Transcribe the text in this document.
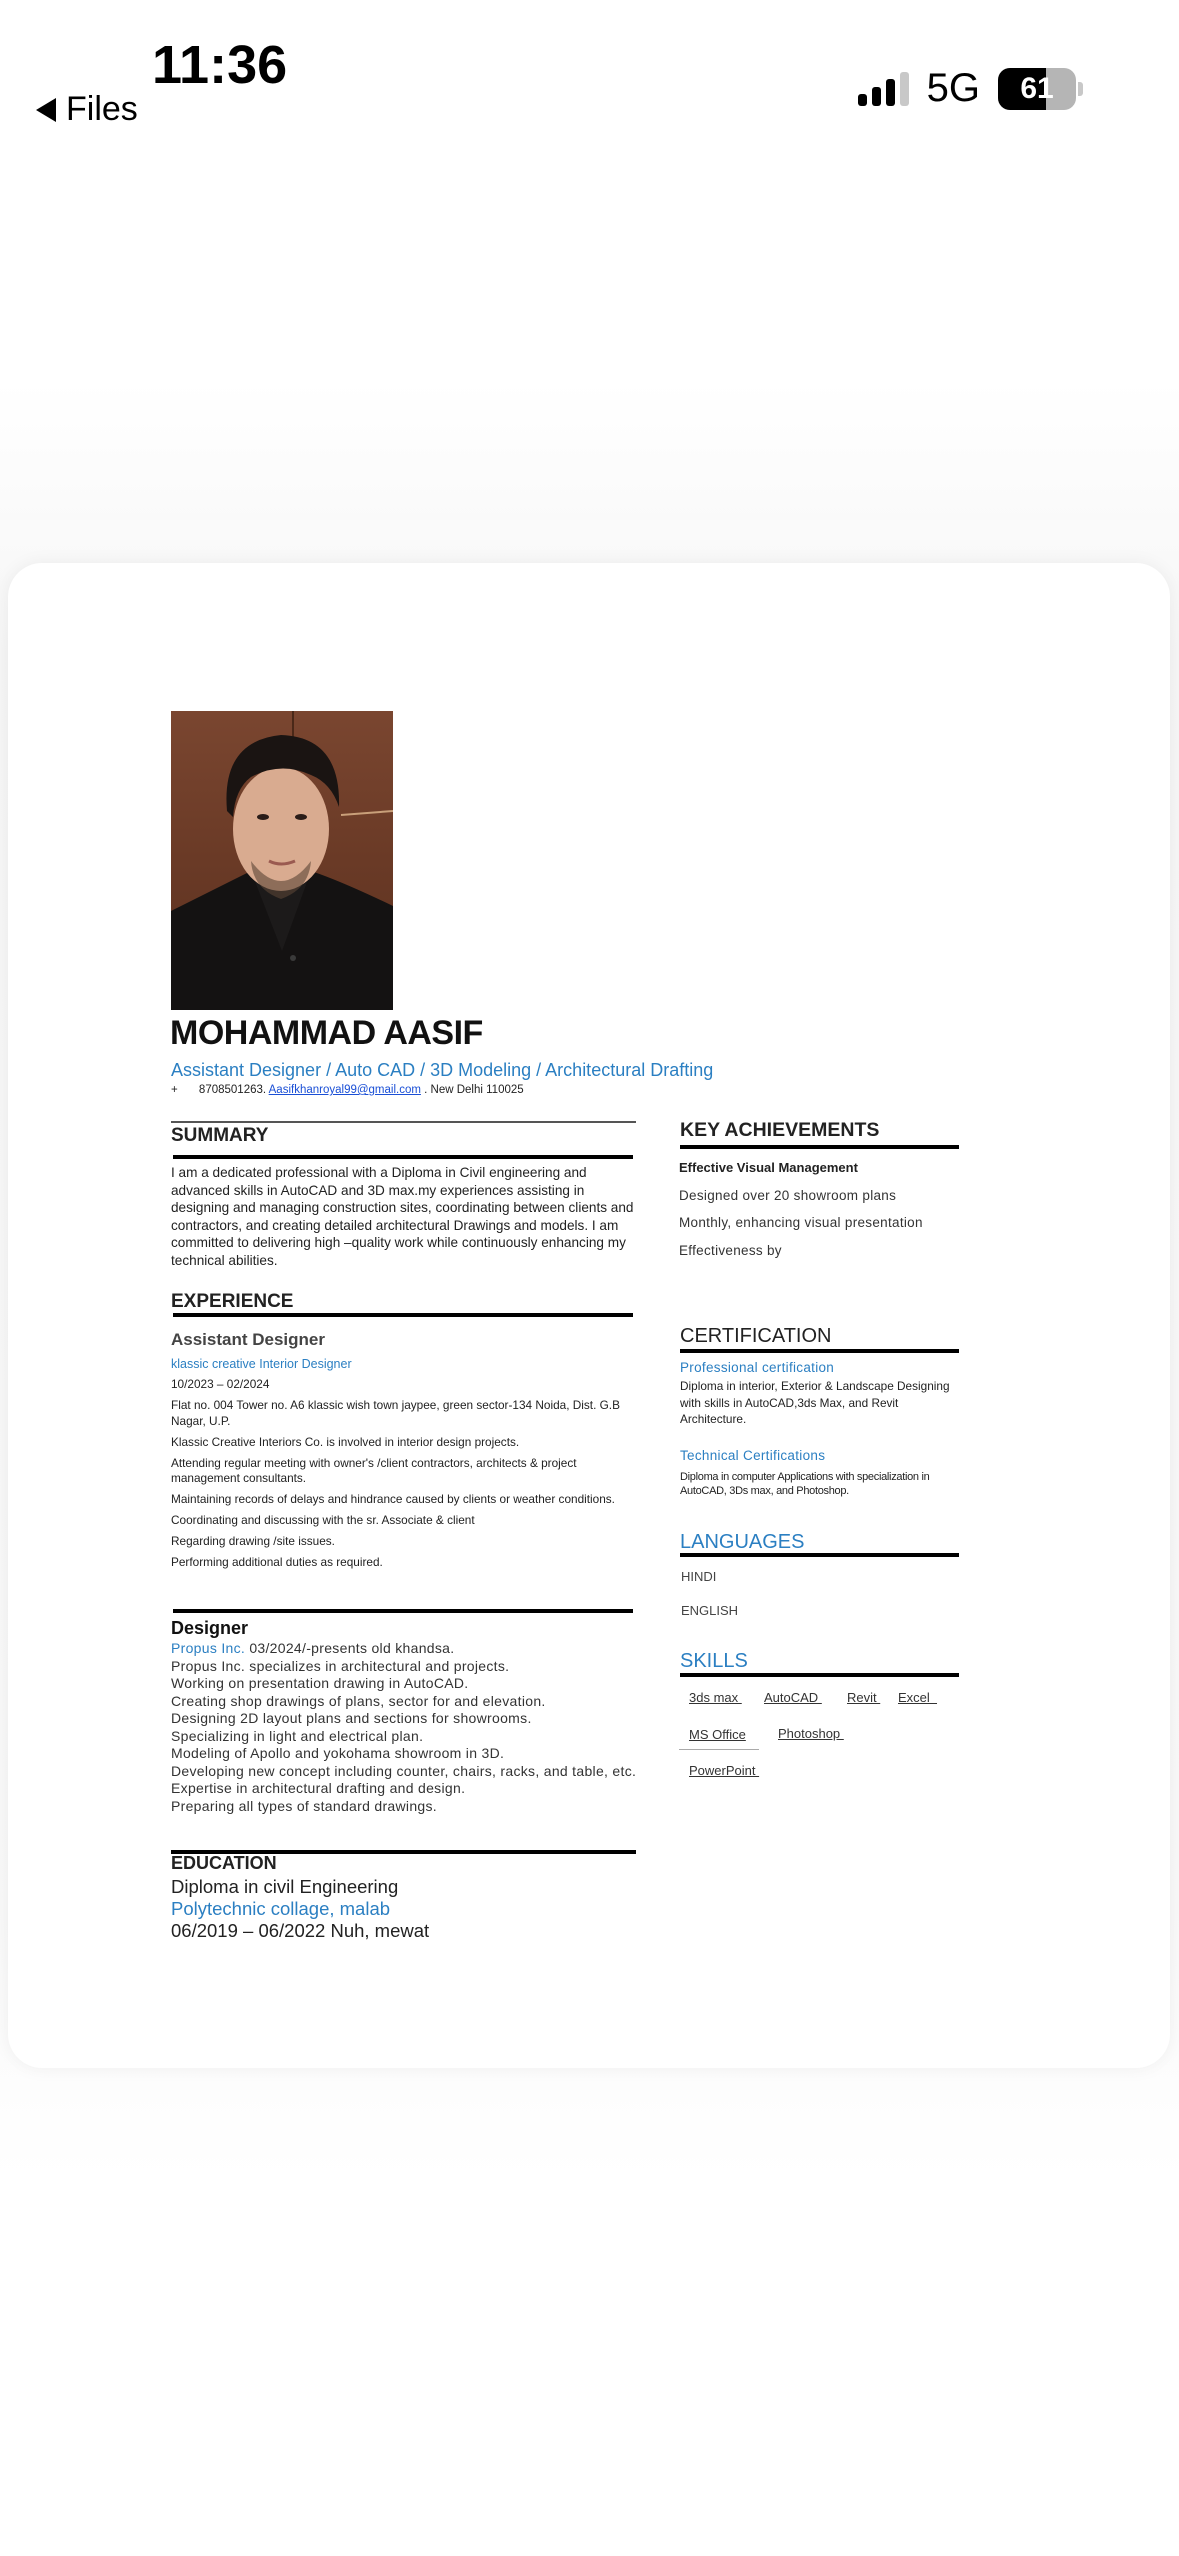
11:36
Files	5G 61
MOHAMMAD AASIF
Assistant Designer / Auto CAD / 3D Modeling / Architectural Drafting
+ 8708501263. Aasifkhanroyal99@gmail.com . New Delhi 110025
SUMMARY
I am a dedicated professional with a Diploma in Civil engineering and advanced skills in AutoCAD and 3D max.my experiences assisting in designing and managing construction sites, coordinating between clients and contractors, and creating detailed architectural Drawings and models. I am committed to delivering high –quality work while continuously enhancing my technical abilities.
EXPERIENCE
Assistant Designer
klassic creative Interior Designer
10/2023 – 02/2024
Flat no. 004 Tower no. A6 klassic wish town jaypee, green sector-134 Noida, Dist. G.B Nagar, U.P.
Klassic Creative Interiors Co. is involved in interior design projects.
Attending regular meeting with owner's /client contractors, architects & project management consultants.
Maintaining records of delays and hindrance caused by clients or weather conditions.
Coordinating and discussing with the sr. Associate & client
Regarding drawing /site issues.
Performing additional duties as required.
Designer
Propus Inc. 03/2024/-presents old khandsa.
Propus Inc. specializes in architectural and projects.
Working on presentation drawing in AutoCAD.
Creating shop drawings of plans, sector for and elevation.
Designing 2D layout plans and sections for showrooms.
Specializing in light and electrical plan.
Modeling of Apollo and yokohama showroom in 3D.
Developing new concept including counter, chairs, racks, and table, etc.
Expertise in architectural drafting and design.
Preparing all types of standard drawings.
EDUCATION
Diploma in civil Engineering
Polytechnic collage, malab
06/2019 – 06/2022 Nuh, mewat
KEY ACHIEVEMENTS
Effective Visual Management
Designed over 20 showroom plans
Monthly, enhancing visual presentation
Effectiveness by
CERTIFICATION
Professional certification
Diploma in interior, Exterior & Landscape Designing with skills in AutoCAD,3ds Max, and Revit Architecture.
Technical Certifications
Diploma in computer Applications with specialization in AutoCAD, 3Ds max, and Photoshop.
LANGUAGES
HINDI
ENGLISH
SKILLS
3ds max AutoCAD Revit Excel
MS Office Photoshop
PowerPoint
